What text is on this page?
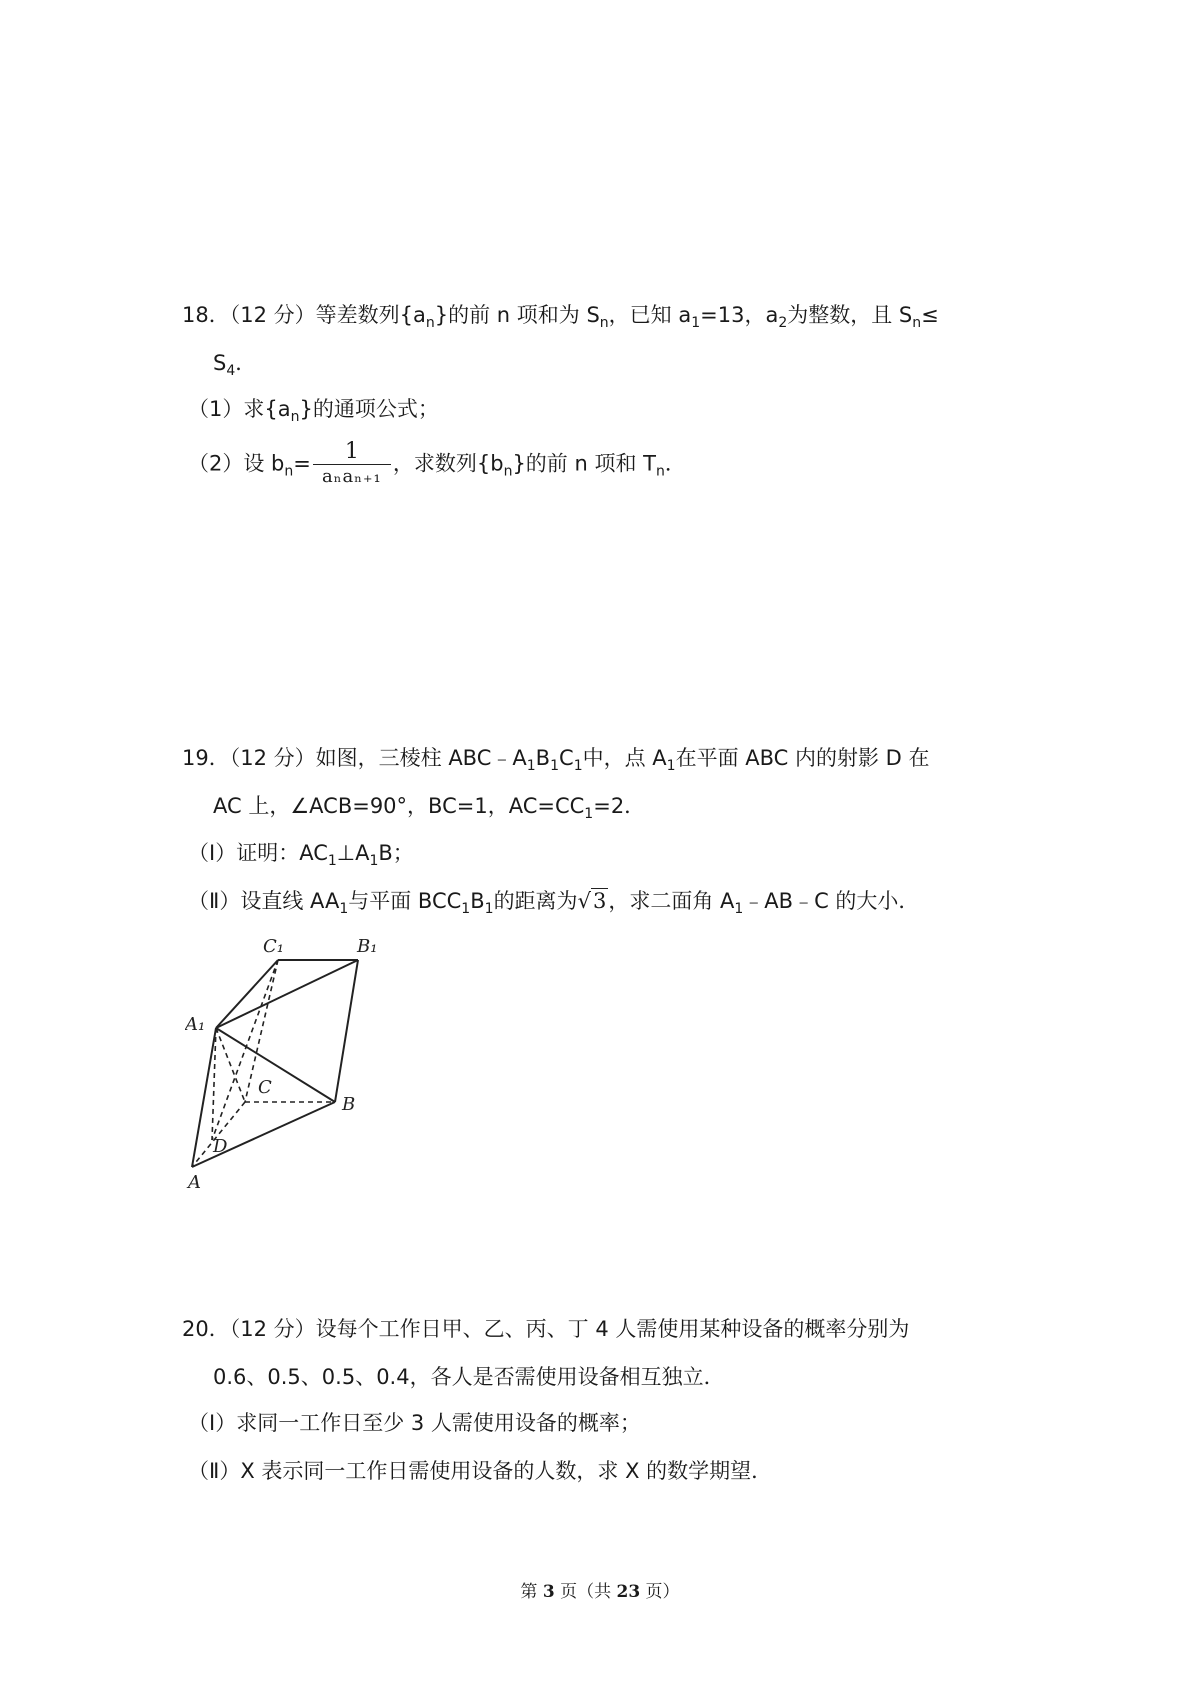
18．（12 分）等差数列$\{a_n\}$的前 n 项和为 $S_n$，已知 $a_1=13$，$a_2$为整数，且 $S_n\le$
$S_4$．
（1）求$\{a_n\}$的通项公式；
（2）设 $b_n= \frac{1}{\text{aₙaₙ₊₁}}$ ，求数列$\{b_n\}$的前 n 项和 $T_n$．
19．（12 分）如图，三棱柱 $ABC﹣A_1B_1C_1$中，点 $A_1$在平面 ABC 内的射影 D 在
AC 上，∠ACB=90°，BC=1，$AC=CC_1=2$．
（Ⅰ）证明：$AC_1\perp A_1B$；
（Ⅱ）设直线 $AA_1$与平面 $BCC_1B_1$的距离为√3，求二面角 $A_1﹣AB﹣C$ 的大小．
C₁	B₁
A₁
C
B
D
A
20．（12 分）设每个工作日甲、乙、丙、丁 4 人需使用某种设备的概率分别为
0.6、0.5、0.5、0.4，各人是否需使用设备相互独立．
（Ⅰ）求同一工作日至少 3 人需使用设备的概率；
（Ⅱ）X 表示同一工作日需使用设备的人数，求 X 的数学期望．
第 3 页（共 23 页）
